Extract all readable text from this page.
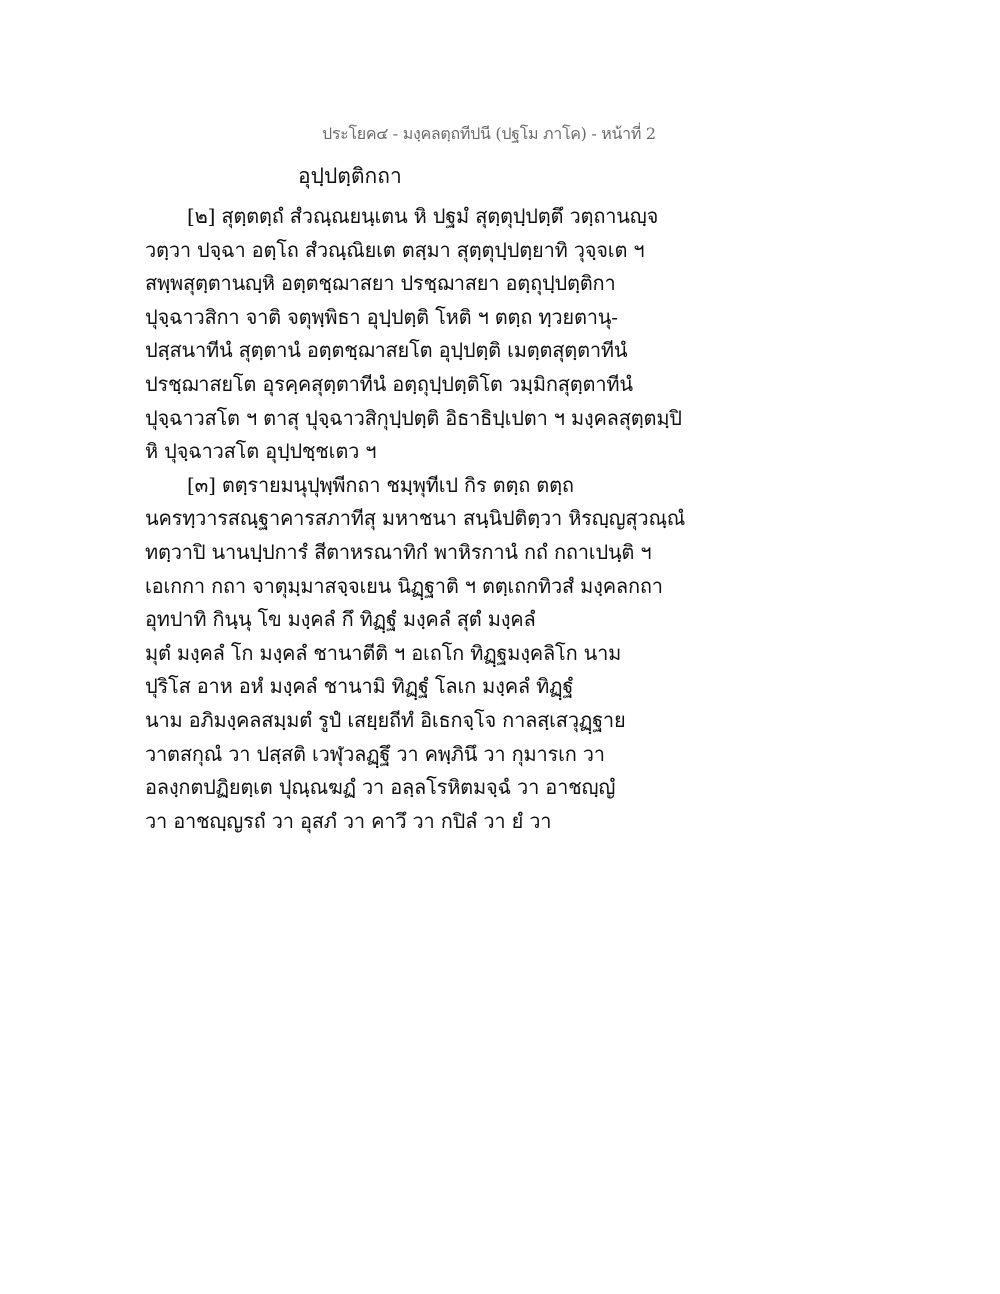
ประโยค๔ - มงฺคลตฺถทีปนี (ปฐโม ภาโค) - หน้าที่ 2
อุปฺปตฺติกถา
[๒] สุตฺตตฺถํ สํวณฺณยนฺเตน หิ ปฐมํ สุตฺตุปฺปตฺตึ วตฺถานญฺจ
วตฺวา ปจฺฉา อตฺโถ สํวณฺณิยเต ตสฺมา สุตฺตุปฺปตฺยาทิ วุจฺจเต ฯ
สพฺพสุตฺตานญฺหิ อตฺตชฺฌาสยา ปรชฺฌาสยา อตฺถุปฺปตฺติกา
ปุจฺฉาวสิกา จาติ จตุพฺพิธา อุปฺปตฺติ โหติ ฯ ตตฺถ ทฺวยตานุ-
ปสฺสนาทีนํ สุตฺตานํ อตฺตชฺฌาสยโต อุปฺปตฺติ เมตฺตสุตฺตาทีนํ
ปรชฺฌาสยโต อุรคฺคสุตฺตาทีนํ อตฺถุปฺปตฺติโต วมฺมิกสุตฺตาทีนํ
ปุจฺฉาวสโต ฯ ตาสุ ปุจฺฉาวสิกุปฺปตฺติ อิธาธิปฺเปตา ฯ มงฺคลสุตฺตมฺปิ
หิ ปุจฺฉาวสโต อุปฺปชฺชเตว ฯ
[๓] ตตฺรายมนุปุพฺพีกถา ชมฺพุทีเป กิร ตตฺถ ตตฺถ
นครทฺวารสณฺฐาคารสภาทีสุ มหาชนา สนฺนิปติตฺวา หิรญฺญสุวณฺณํ
ทตฺวาปิ นานปฺปการํ สีตาหรณาทิกํ พาหิรกานํ กถํ กถาเปนฺติ ฯ
เอเกกา กถา จาตุมฺมาสจฺจเยน นิฏฺฐาติ ฯ ตตฺเถกทิวสํ มงฺคลกถา
อุทปาทิ กินฺนุ โข มงฺคลํ กึ ทิฏฺฐํ มงฺคลํ สุตํ มงฺคลํ
มุตํ มงฺคลํ โก มงฺคลํ ชานาตีติ ฯ อเถโก ทิฏฺฐมงฺคลิโก นาม
ปุริโส อาห อหํ มงฺคลํ ชานามิ ทิฏฺฐํ โลเก มงฺคลํ ทิฏฺฐํ
นาม อภิมงฺคลสมฺมตํ รูปํ เสยฺยถีทํ อิเธกจฺโจ กาลสฺเสวุฏฺฐาย
วาตสกุณํ วา ปสฺสติ เวฬุวลฏฺฐึ วา คพฺภินึ วา กุมารเก วา
อลงฺกตปฏิยตฺเต ปุณฺณฆฏํ วา อลฺลโรหิตมจฺฉํ วา อาชญฺญํ
วา อาชญฺญรถํ วา อุสภํ วา คาวึ วา กปิลํ วา ยํ วา
